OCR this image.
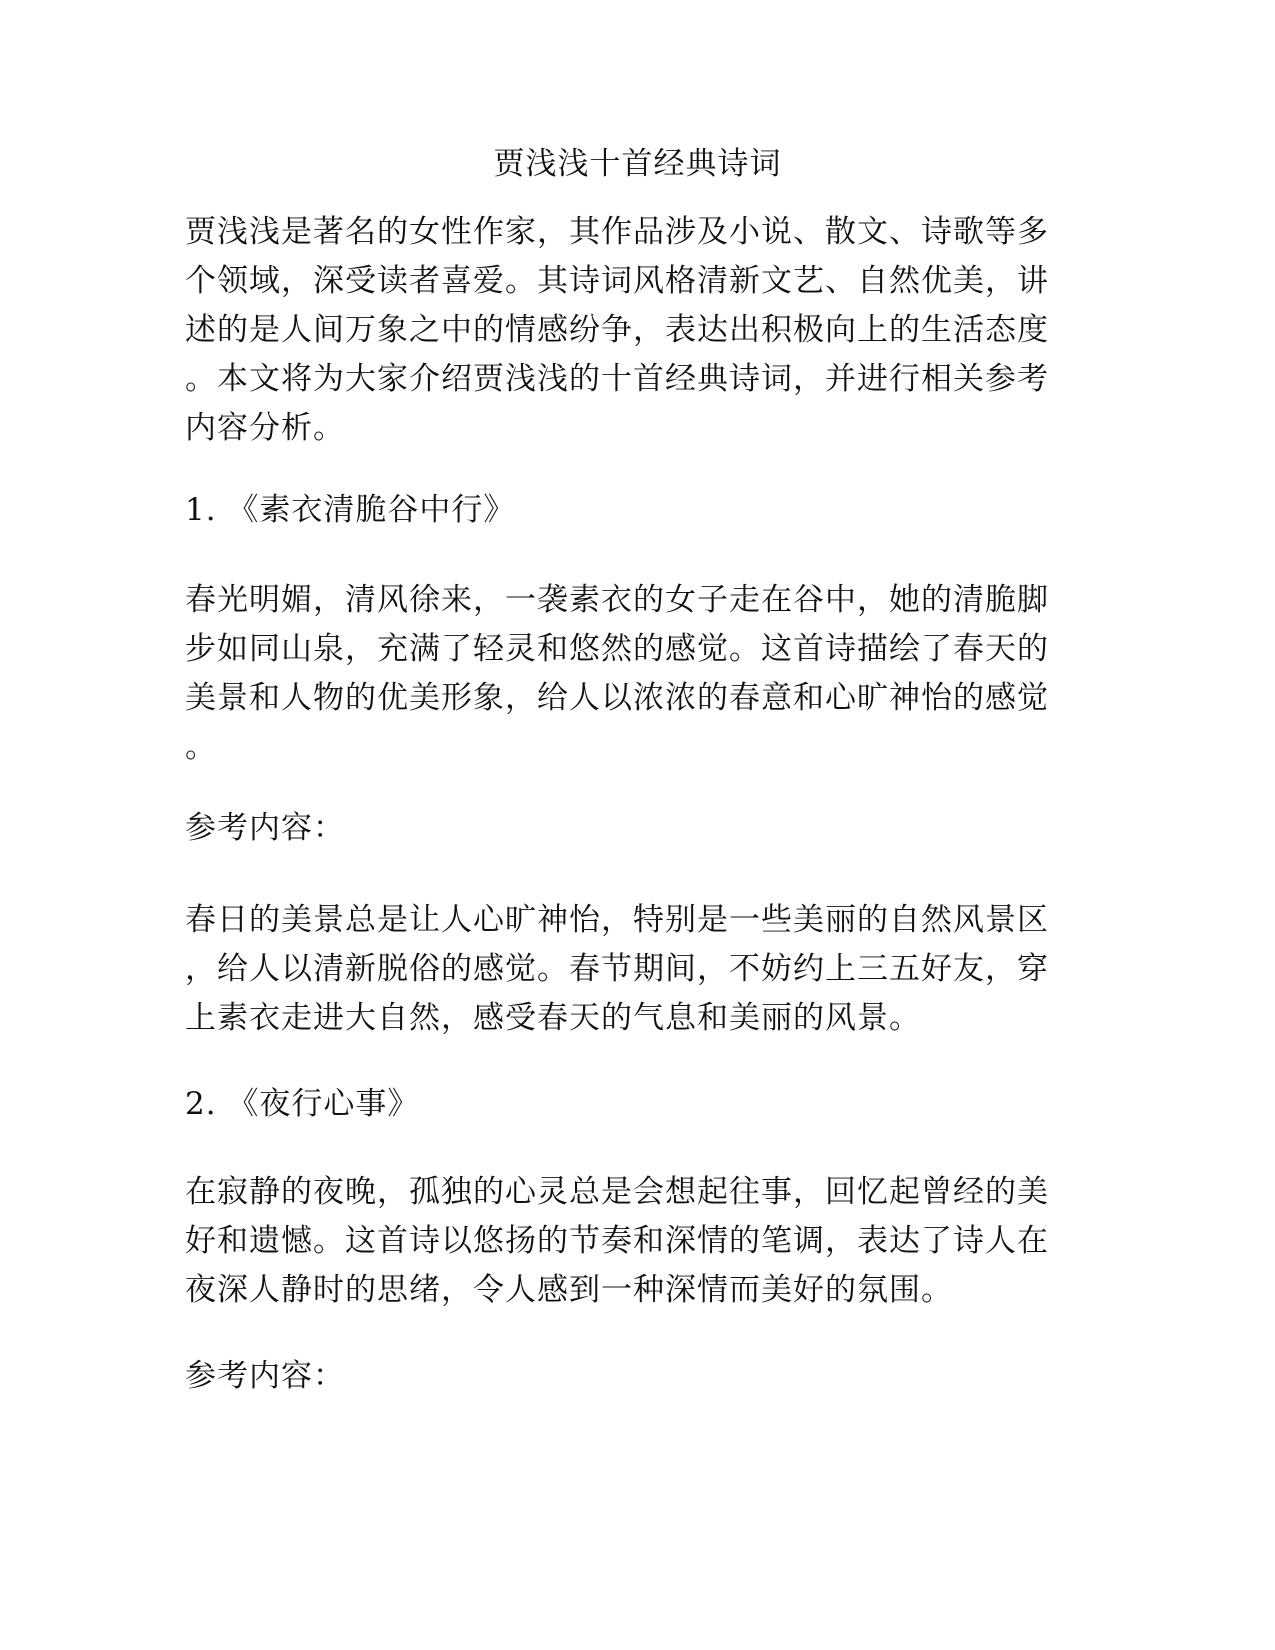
贾浅浅十首经典诗词
贾浅浅是著名的女性作家，其作品涉及小说、散文、诗歌等多
个领域，深受读者喜爱。其诗词风格清新文艺、自然优美，讲
述的是人间万象之中的情感纷争，表达出积极向上的生活态度
。本文将为大家介绍贾浅浅的十首经典诗词，并进行相关参考
内容分析。
1. 《素衣清脆谷中行》
春光明媚，清风徐来，一袭素衣的女子走在谷中，她的清脆脚
步如同山泉，充满了轻灵和悠然的感觉。这首诗描绘了春天的
美景和人物的优美形象，给人以浓浓的春意和心旷神怡的感觉
。
参考内容：
春日的美景总是让人心旷神怡，特别是一些美丽的自然风景区
，给人以清新脱俗的感觉。春节期间，不妨约上三五好友，穿
上素衣走进大自然，感受春天的气息和美丽的风景。
2. 《夜行心事》
在寂静的夜晚，孤独的心灵总是会想起往事，回忆起曾经的美
好和遗憾。这首诗以悠扬的节奏和深情的笔调，表达了诗人在
夜深人静时的思绪，令人感到一种深情而美好的氛围。
参考内容：
